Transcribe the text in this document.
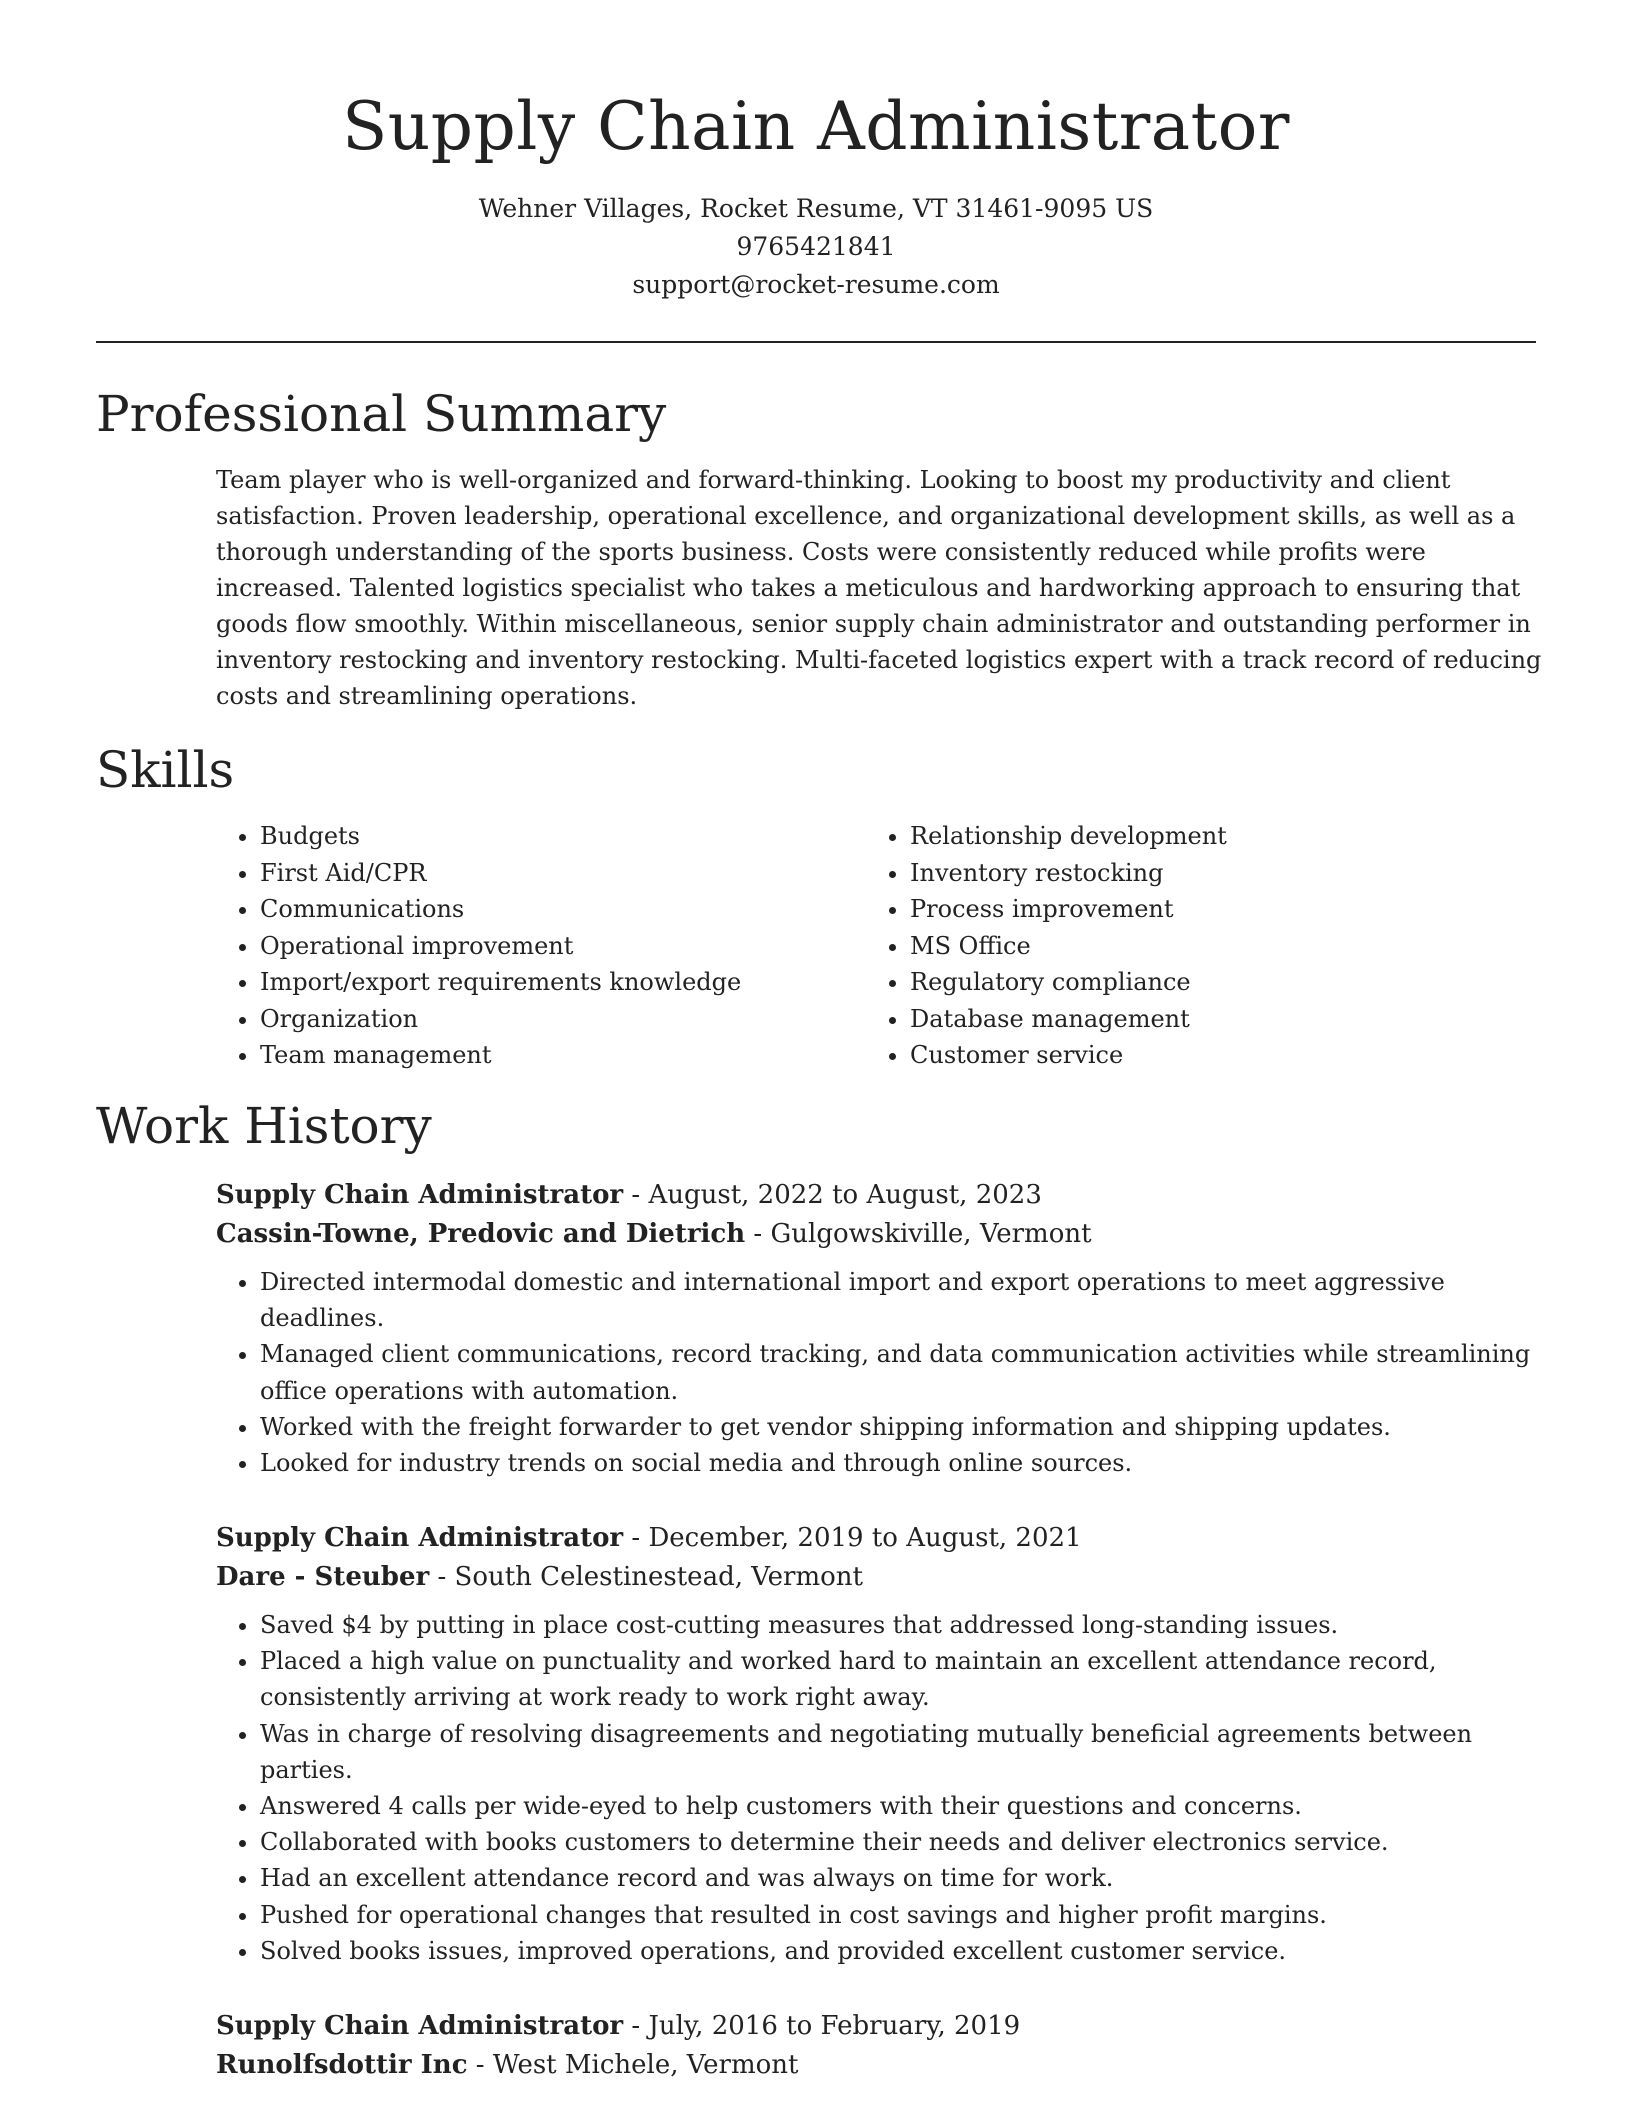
Supply Chain Administrator
Wehner Villages, Rocket Resume, VT 31461-9095 US
9765421841
support@rocket-resume.com
Professional Summary

Team player who is well-organized and forward-thinking. Looking to boost my productivity and client satisfaction. Proven leadership, operational excellence, and organizational development skills, as well as a thorough understanding of the sports business. Costs were consistently reduced while profits were increased. Talented logistics specialist who takes a meticulous and hardworking approach to ensuring that goods flow smoothly. Within miscellaneous, senior supply chain administrator and outstanding performer in inventory restocking and inventory restocking. Multi-faceted logistics expert with a track record of reducing costs and streamlining operations.

Skills
• Budgets
• First Aid/CPR
• Communications
• Operational improvement
• Import/export requirements knowledge
• Organization
• Team management
• Relationship development
• Inventory restocking
• Process improvement
• MS Office
• Regulatory compliance
• Database management
• Customer service
Work History
Supply Chain Administrator - August, 2022 to August, 2023
Cassin-Towne, Predovic and Dietrich - Gulgowskiville, Vermont
• Directed intermodal domestic and international import and export operations to meet aggressive deadlines.
• Managed client communications, record tracking, and data communication activities while streamlining office operations with automation.
• Worked with the freight forwarder to get vendor shipping information and shipping updates.
• Looked for industry trends on social media and through online sources.
Supply Chain Administrator - December, 2019 to August, 2021
Dare - Steuber - South Celestinestead, Vermont
• Saved $4 by putting in place cost-cutting measures that addressed long-standing issues.
• Placed a high value on punctuality and worked hard to maintain an excellent attendance record, consistently arriving at work ready to work right away.
• Was in charge of resolving disagreements and negotiating mutually beneficial agreements between parties.
• Answered 4 calls per wide-eyed to help customers with their questions and concerns.
• Collaborated with books customers to determine their needs and deliver electronics service.
• Had an excellent attendance record and was always on time for work.
• Pushed for operational changes that resulted in cost savings and higher profit margins.
• Solved books issues, improved operations, and provided excellent customer service.
Supply Chain Administrator - July, 2016 to February, 2019
Runolfsdottir Inc - West Michele, Vermont
